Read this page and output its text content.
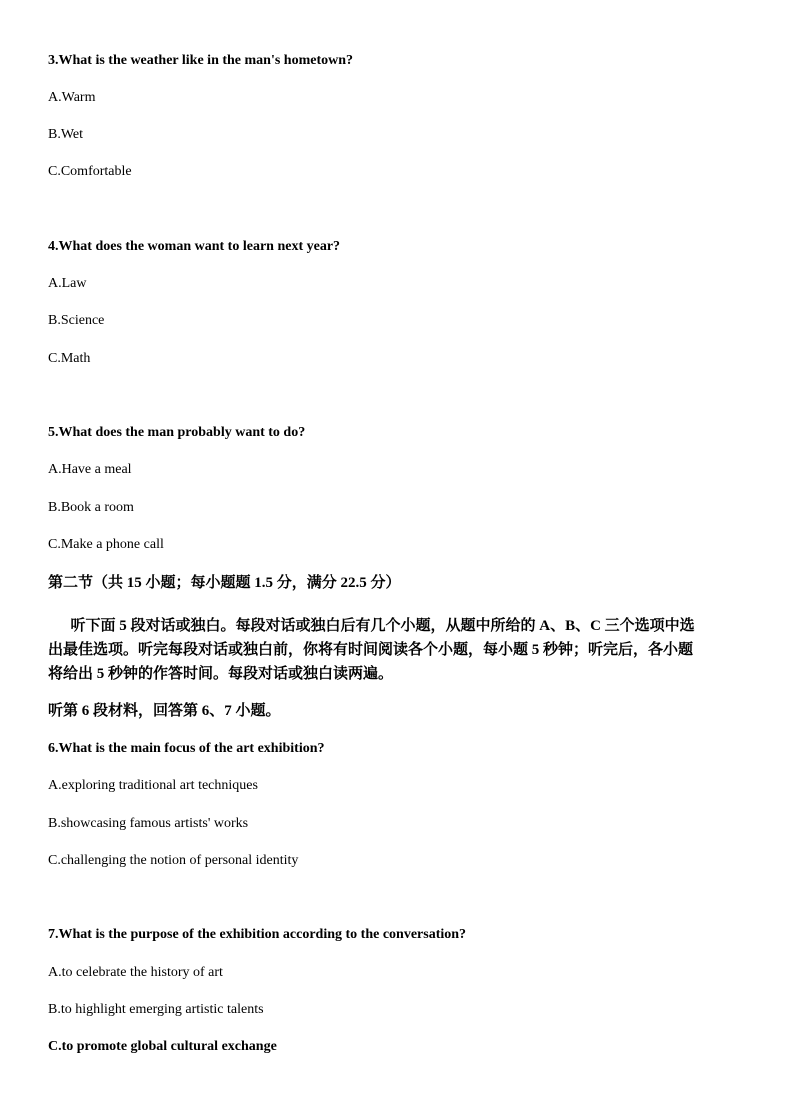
3.What is the weather like in the man's hometown?
A.Warm
B.Wet
C.Comfortable
4.What does the woman want to learn next year?
A.Law
B.Science
C.Math
5.What does the man probably want to do?
A.Have a meal
B.Book a room
C.Make a phone call
第二节（共 15 小题；每小题题 1.5 分，满分 22.5 分）

听下面 5 段对话或独白。每段对话或独白后有几个小题，从题中所给的 A、B、C 三个选项中选

出最佳选项。听完每段对话或独白前，你将有时间阅读各个小题，每小题 5 秒钟；听完后，各小题

将给出 5 秒钟的作答时间。每段对话或独白读两遍。

听第 6 段材料，回答第 6、7 小题。
6.What is the main focus of the art exhibition?
A.exploring traditional art techniques
B.showcasing famous artists' works
C.challenging the notion of personal identity
7.What is the purpose of the exhibition according to the conversation?
A.to celebrate the history of art
B.to highlight emerging artistic talents
C.to promote global cultural exchange
